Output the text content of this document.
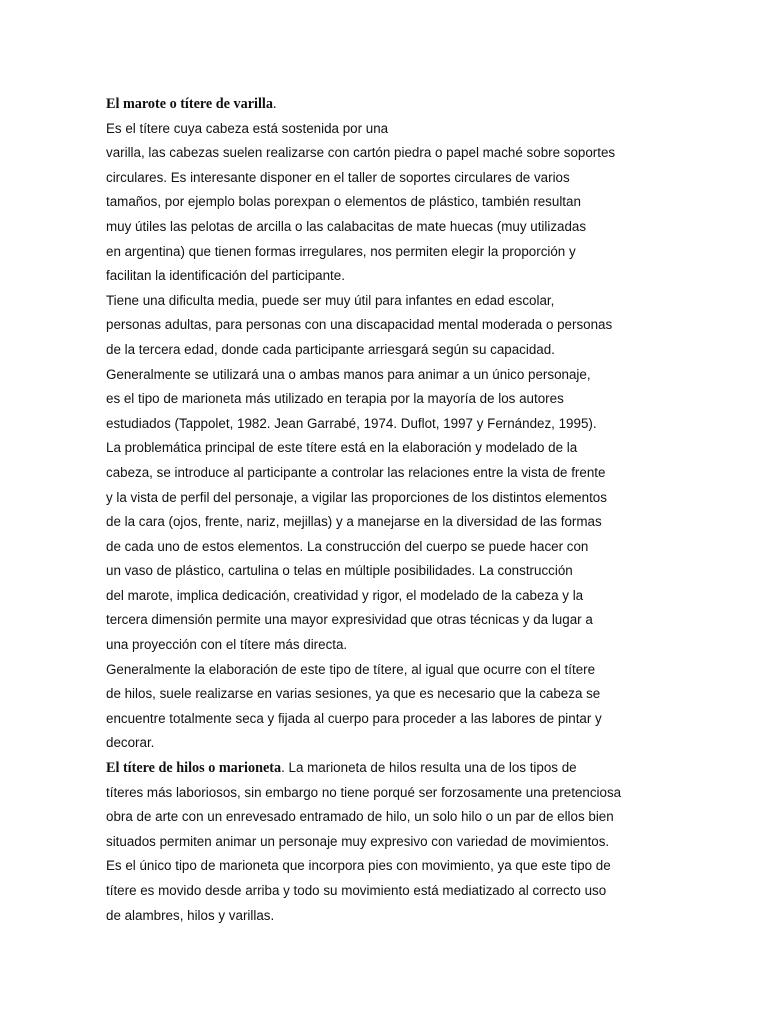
El marote o títere de varilla.
Es el títere cuya cabeza está sostenida por una
varilla, las cabezas suelen realizarse con cartón piedra o papel maché sobre soportes
circulares. Es interesante disponer en el taller de soportes circulares de varios
tamaños, por ejemplo bolas porexpan o elementos de plástico, también resultan
muy útiles las pelotas de arcilla o las calabacitas de mate huecas (muy utilizadas
en argentina) que tienen formas irregulares, nos permiten elegir la proporción y
facilitan la identificación del participante.
Tiene una dificulta media, puede ser muy útil para infantes en edad escolar,
personas adultas, para personas con una discapacidad mental moderada o personas
de la tercera edad, donde cada participante arriesgará según su capacidad.
Generalmente se utilizará una o ambas manos para animar a un único personaje,
es el tipo de marioneta más utilizado en terapia por la mayoría de los autores
estudiados (Tappolet, 1982. Jean Garrabé, 1974. Duflot, 1997 y Fernández, 1995).
La problemática principal de este títere está en la elaboración y modelado de la
cabeza, se introduce al participante a controlar las relaciones entre la vista de frente
y la vista de perfil del personaje, a vigilar las proporciones de los distintos elementos
de la cara (ojos, frente, nariz, mejillas) y a manejarse en la diversidad de las formas
de cada uno de estos elementos. La construcción del cuerpo se puede hacer con
un vaso de plástico, cartulina o telas en múltiple posibilidades. La construcción
del marote, implica dedicación, creatividad y rigor, el modelado de la cabeza y la
tercera dimensión permite una mayor expresividad que otras técnicas y da lugar a
una proyección con el títere más directa.
Generalmente la elaboración de este tipo de títere, al igual que ocurre con el títere
de hilos, suele realizarse en varias sesiones, ya que es necesario que la cabeza se
encuentre totalmente seca y fijada al cuerpo para proceder a las labores de pintar y
decorar.
El títere de hilos o marioneta. La marioneta de hilos resulta una de los tipos de
títeres más laboriosos, sin embargo no tiene porqué ser forzosamente una pretenciosa
obra de arte con un enrevesado entramado de hilo, un solo hilo o un par de ellos bien
situados permiten animar un personaje muy expresivo con variedad de movimientos.
Es el único tipo de marioneta que incorpora pies con movimiento, ya que este tipo de
títere es movido desde arriba y todo su movimiento está mediatizado al correcto uso
de alambres, hilos y varillas.
